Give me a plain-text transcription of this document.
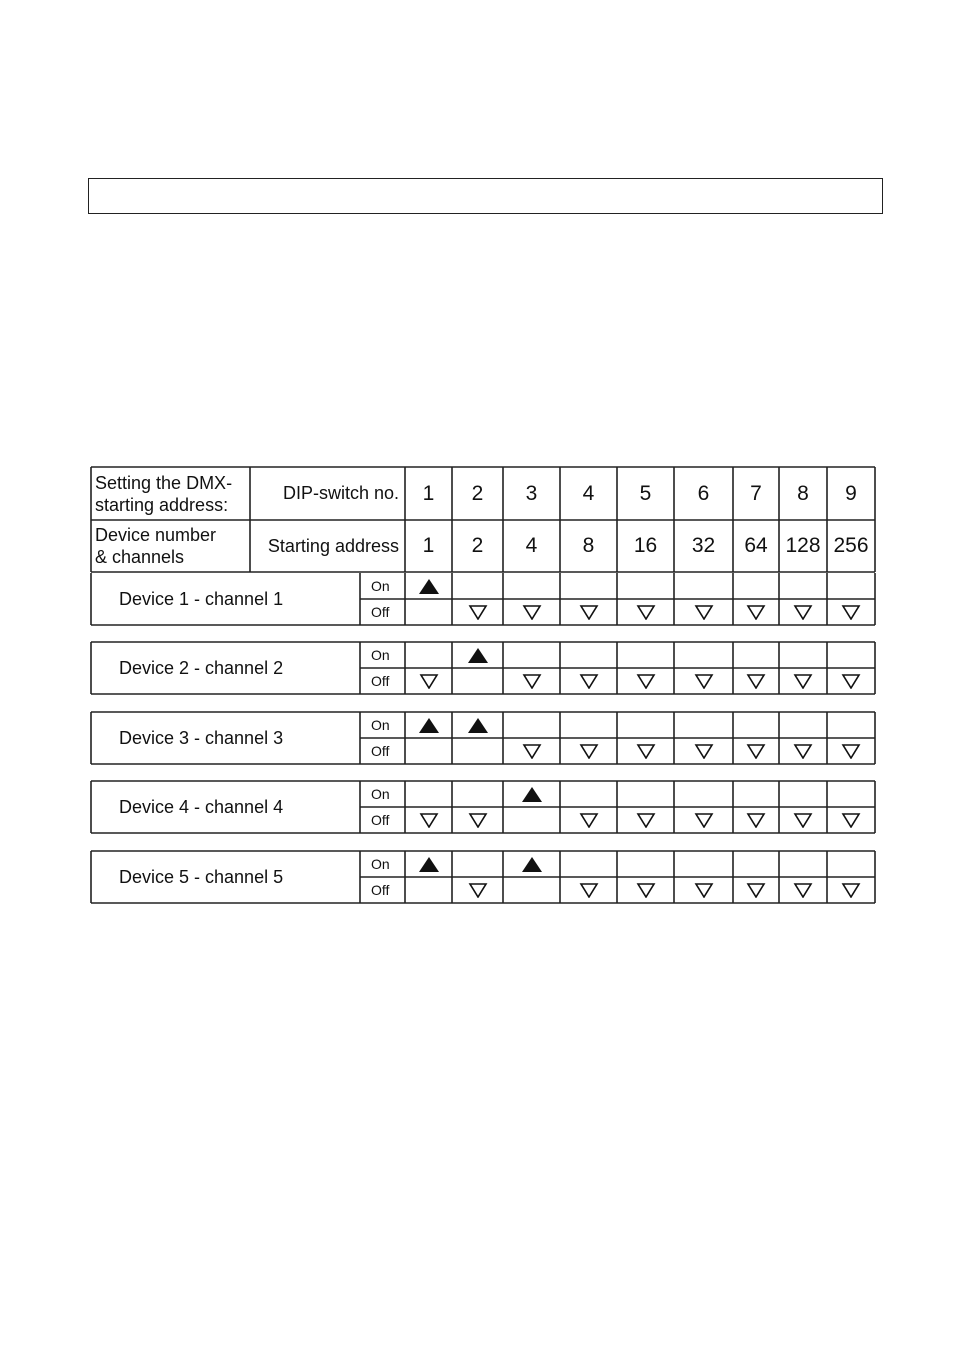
Setting the DMX-
starting address:
DIP-switch no.
Device number
& channels
Starting address
1
1
2
2
3
4
4
8
5
16
6
32
7
64
8
128
9
256
Device 1 - channel 1
On
Off
Device 2 - channel 2
On
Off
Device 3 - channel 3
On
Off
Device 4 - channel 4
On
Off
Device 5 - channel 5
On
Off
